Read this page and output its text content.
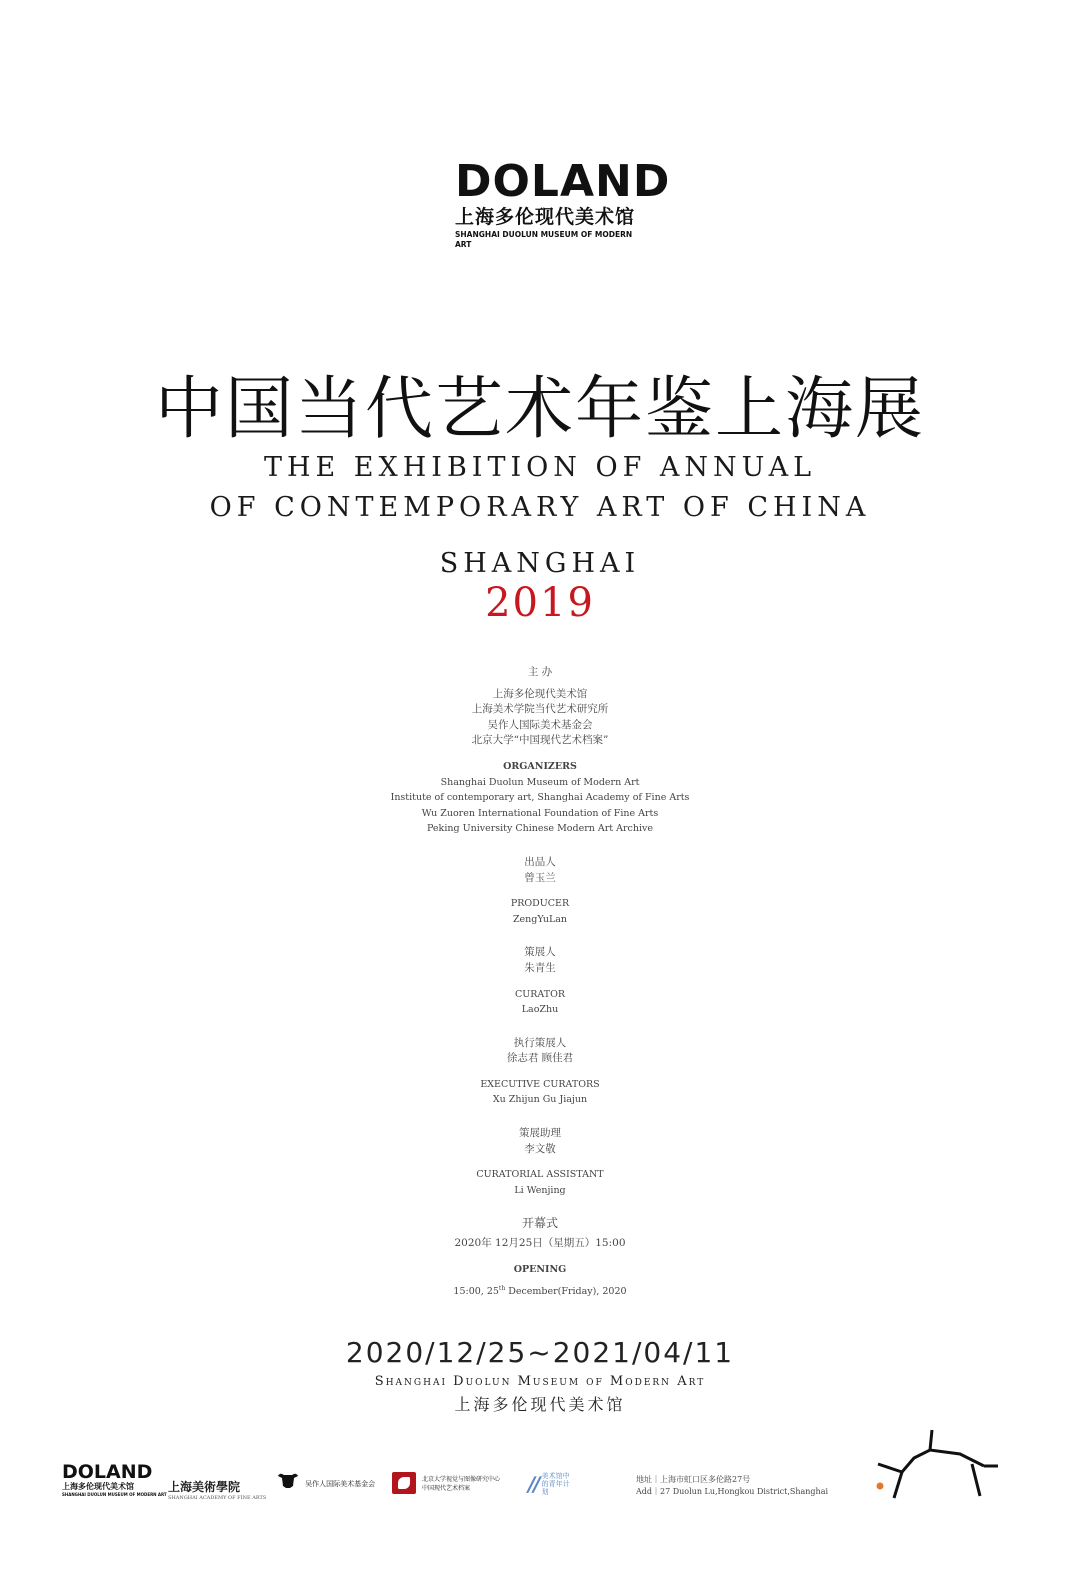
DOLAND
上海多伦现代美术馆
SHANGHAI DUOLUN MUSEUM OF MODERN ART
中国当代艺术年鉴上海展
THE EXHIBITION OF ANNUAL
OF CONTEMPORARY ART OF CHINA
SHANGHAI
2019
主 办
上海多伦现代美术馆
上海美术学院当代艺术研究所
吴作人国际美术基金会
北京大学“中国现代艺术档案”
ORGANIZERS
Shanghai Duolun Museum of Modern Art
Institute of contemporary art, Shanghai Academy of Fine Arts
Wu Zuoren International Foundation of Fine Arts
Peking University Chinese Modern Art Archive
出品人
曾玉兰
PRODUCER
ZengYuLan
策展人
朱青生
CURATOR
LaoZhu
执行策展人
徐志君 顾佳君
EXECUTIVE CURATORS
Xu Zhijun Gu Jiajun
策展助理
李文敬
CURATORIAL ASSISTANT
Li Wenjing
开幕式
2020年 12月25日（星期五）15:00
OPENING
15:00, 25th December(Friday), 2020
2020/12/25~2021/04/11
Shanghai Duolun Museum of Modern Art
上海多伦现代美术馆
DOLAND
上海多伦现代美术馆
SHANGHAI DUOLUN MUSEUM OF MODERN ART
上海美術學院
SHANGHAI ACADEMY OF FINE ARTS
$^{吴作人国际美术基金会}$
北京大学视觉与图像研究中心
中国现代艺术档案	∕∕ 美术馆中的青年计划
地址｜上海市虹口区多伦路27号
Add｜27 Duolun Lu,Hongkou District,Shanghai
